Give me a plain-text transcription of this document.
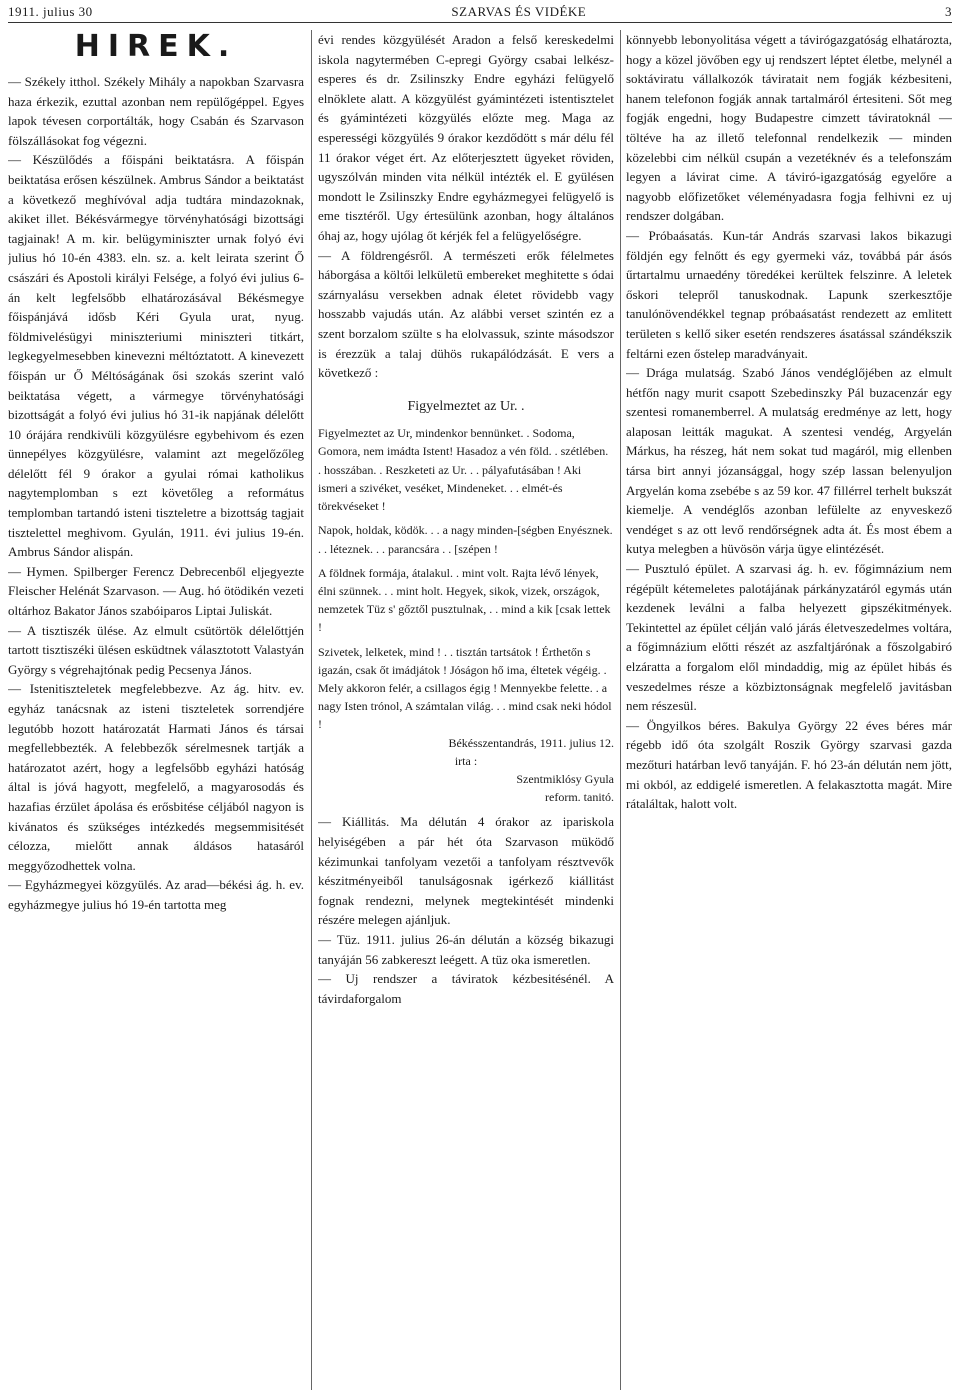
1911. julius 30	SZARVAS ÉS VIDÉKE	3
HIREK.

— Székely itthol. Székely Mihály a napokban Szarvasra haza érkezik, ezuttal azonban nem repülőgéppel. Egyes lapok tévesen corportálták, hogy Csabán és Szarvason fölszállásokat fog végezni.

— Készülődés a főispáni beiktatásra. A főispán beiktatása erősen készülnek. Ambrus Sándor a beiktatást a következő meghívóval adja tudtára mindazoknak, akiket illet. Békésvármegye törvényhatósági bizottsági tagjainak! A m. kir. belügyminiszter urnak folyó évi julius hó 10-én 4383. eln. sz. a. kelt leirata szerint Ő császári és Apostoli királyi Felsége, a folyó évi julius 6-án kelt legfelsőbb elhatározásával Békésmegye főispánjává idősb Kéri Gyula urat, nyug. földmivelésügyi miniszteriumi miniszteri titkárt, legkegyelmesebben kinevezni méltóztatott. A kinevezett főispán ur Ő Méltóságának ősi szokás szerint való beiktatása végett, a vármegye törvényhatósági bizottságát a folyó évi julius hó 31-ik napjának délelőtt 10 órájára rendkivüli közgyülésre egybehivom és ezen ünnepélyes közgyülésre, valamint azt megelőzőleg délelőtt fél 9 órakor a gyulai római katholikus nagytemplomban s ezt követőleg a református templomban tartandó isteni tiszteletre a bizottság tagjait tisztelettel meghivom. Gyulán, 1911. évi julius 19-én. Ambrus Sándor alispán.

— Hymen. Spilberger Ferencz Debrecenből eljegyezte Fleischer Helénát Szarvason. — Aug. hó ötödikén vezeti oltárhoz Bakator János szabóiparos Liptai Juliskát.

— A tisztiszék ülése. Az elmult csütörtök délelőttjén tartott tisztiszéki ülésen esküdtnek választotott Valastyán György s végrehajtónak pedig Pecsenya János.

— Istenitiszteletek megfelebbezve. Az ág. hitv. ev. egyház tanácsnak az isteni tiszteletek sorrendjére legutóbb hozott határozatát Harmati János és társai megfellebbezték. A felebbezők sérelmesnek tartják a határozatot azért, hogy a legfelsőbb egyházi hatóság által is jóvá hagyott, megfelelő, a magyarosodás és hazafias érzület ápolása és erősbitése céljából nagyon is kivánatos és szükséges intézkedés megsemmisitését célozza, mielőtt annak áldásos hatasáról meggyőzodhettek volna.

— Egyházmegyei közgyülés. Az arad—békési ág. h. ev. egyházmegye julius hó 19-én tartotta meg

évi rendes közgyülését Aradon a felső kereskedelmi iskola nagytermében C-epregi György csabai lelkész-esperes és dr. Zsilinszky Endre egyházi felügyelő elnöklete alatt. A közgyülést gyámintézeti istentisztelet és gyámintézeti közgyülés előzte meg. Maga az esperességi közgyülés 9 órakor kezdődött s már délu fél 11 órakor véget ért. Az előterjesztett ügyeket röviden, ugyszólván minden vita nélkül intézték el. E gyülésen mondott le Zsilinszky Endre egyházmegyei felügyelő is eme tisztéről. Ugy értesülünk azonban, hogy általános óhaj az, hogy ujólag őt kérjék fel a felügyelőségre.

— A földrengésről. A természeti erők félelmetes háborgása a költői lelkületü embereket meghitette s ódai szárnyalásu versekben adnak életet rövidebb vagy hosszabb vajudás után. Az alábbi verset szintén ez a szent borzalom szülte s ha elolvassuk, szinte másodszor is érezzük a talaj dühös rukapálódzását. E vers a következő :

Figyelmeztet az Ur. .

Figyelmeztet az Ur, mindenkor bennünket. . Sodoma, Gomora, nem imádta Istent! Hasadoz a vén föld. . szétlében. . hosszában. . Reszketeti az Ur. . . pályafutásában ! Aki ismeri a szivéket, veséket, Mindeneket. . . elmét-és törekvéseket !

Napok, holdak, ködök. . . a nagy minden-[ségben Enyésznek. . . léteznek. . . parancsára . . [szépen !

A földnek formája, átalakul. . mint volt. Rajta lévő lények, élni szünnek. . . mint holt. Hegyek, sikok, vizek, országok, nemzetek Tüz s' gőztől pusztulnak, . . mind a kik [csak lettek !

Szivetek, lelketek, mind ! . . tisztán tartsátok ! Érthetőn s igazán, csak őt imádjátok ! Jóságon hő ima, éltetek végéig. . Mely akkoron felér, a csillagos égig ! Mennyekbe felette. . a nagy Isten trónol, A számtalan világ. . . mind csak neki hódol !

Békésszentandrás, 1911. julius 12.

irta :

Szentmiklósy Gyula

reform. tanitó.

— Kiállitás. Ma délután 4 órakor az ipariskola helyiségében a pár hét óta Szarvason müködő kézimunkai tanfolyam vezetői a tanfolyam résztvevők készitményeiből tanulságosnak igérkező kiállitást fognak rendezni, melynek megtekintését mindenki részére melegen ajánljuk.

— Tüz. 1911. julius 26-án délután a község bikazugi tanyáján 56 zabkereszt leégett. A tüz oka ismeretlen.

— Uj rendszer a táviratok kézbesitésénél. A távirdaforgalom

könnyebb lebonyolitása végett a távirógazgatóság elhatározta, hogy a közel jövőben egy uj rendszert léptet életbe, melynél a soktáviratu vállalkozók táviratait nem fogják kézbesiteni, hanem telefonon fogják annak tartalmáról értesiteni. Sőt meg fogják engedni, hogy Budapestre cimzett táviratoknál — töltéve ha az illető telefonnal rendelkezik — minden közelebbi cim nélkül csupán a vezetéknév és a telefonszám legyen a lávirat cime. A táviró-igazgatóság egyelőre a nagyobb előfizetőket véleményadasra fogja felhivni ez uj rendszer dolgában.

— Próbaásatás. Kun-tár András szarvasi lakos bikazugi földjén egy felnőtt és egy gyermeki váz, továbbá pár ásós űrtartalmu urnaedény töredékei kerültek felszinre. A leletek őskori telepről tanuskodnak. Lapunk szerkesztője tanulónövendékkel tegnap próbaásatást rendezett az emlitett területen s kellő siker esetén rendszeres ásatással szándékszik feltárni ezen őstelep maradványait.

— Drága mulatság. Szabó János vendéglőjében az elmult hétfőn nagy murit csapott Szebedinszky Pál buzacenzár egy szentesi romanemberrel. A mulatság eredménye az lett, hogy alaposan leitták magukat. A szentesi vendég, Argyelán Márkus, ha részeg, hát nem sokat tud magáról, mig ellenben társa birt annyi józansággal, hogy szép lassan belenyuljon Argyelán koma zsebébe s az 59 kor. 47 fillérrel terhelt bukszát kiemelje. A vendéglős azonban lefülelte az enyveskező vendéget s az ott levő rendőrségnek adta át. És most ébem a kutya melegben a hüvösön várja ügye elintézését.

— Pusztuló épület. A szarvasi ág. h. ev. főgimnázium nem régépült kétemeletes palotájának párkányzatáról egymás után kezdenek leválni a falba helyezett gipszékitmények. Tekintettel az épület célján való járás életveszedelmes voltára, a főgimnázium előtti részét az aszfaltjárónak a főszolgabiró elzáratta a forgalom elől mindaddig, mig az épület hibás és veszedelmes része a közbiztonságnak megfelelő javitásban nem részesül.

— Öngyilkos béres. Bakulya György 22 éves béres már régebb idő óta szolgált Roszik György szarvasi gazda mezőturi határban levő tanyáján. F. hó 23-án délután nem jött, mi okból, az eddigelé ismeretlen. A felakasztotta magát. Mire rátaláltak, halott volt.
